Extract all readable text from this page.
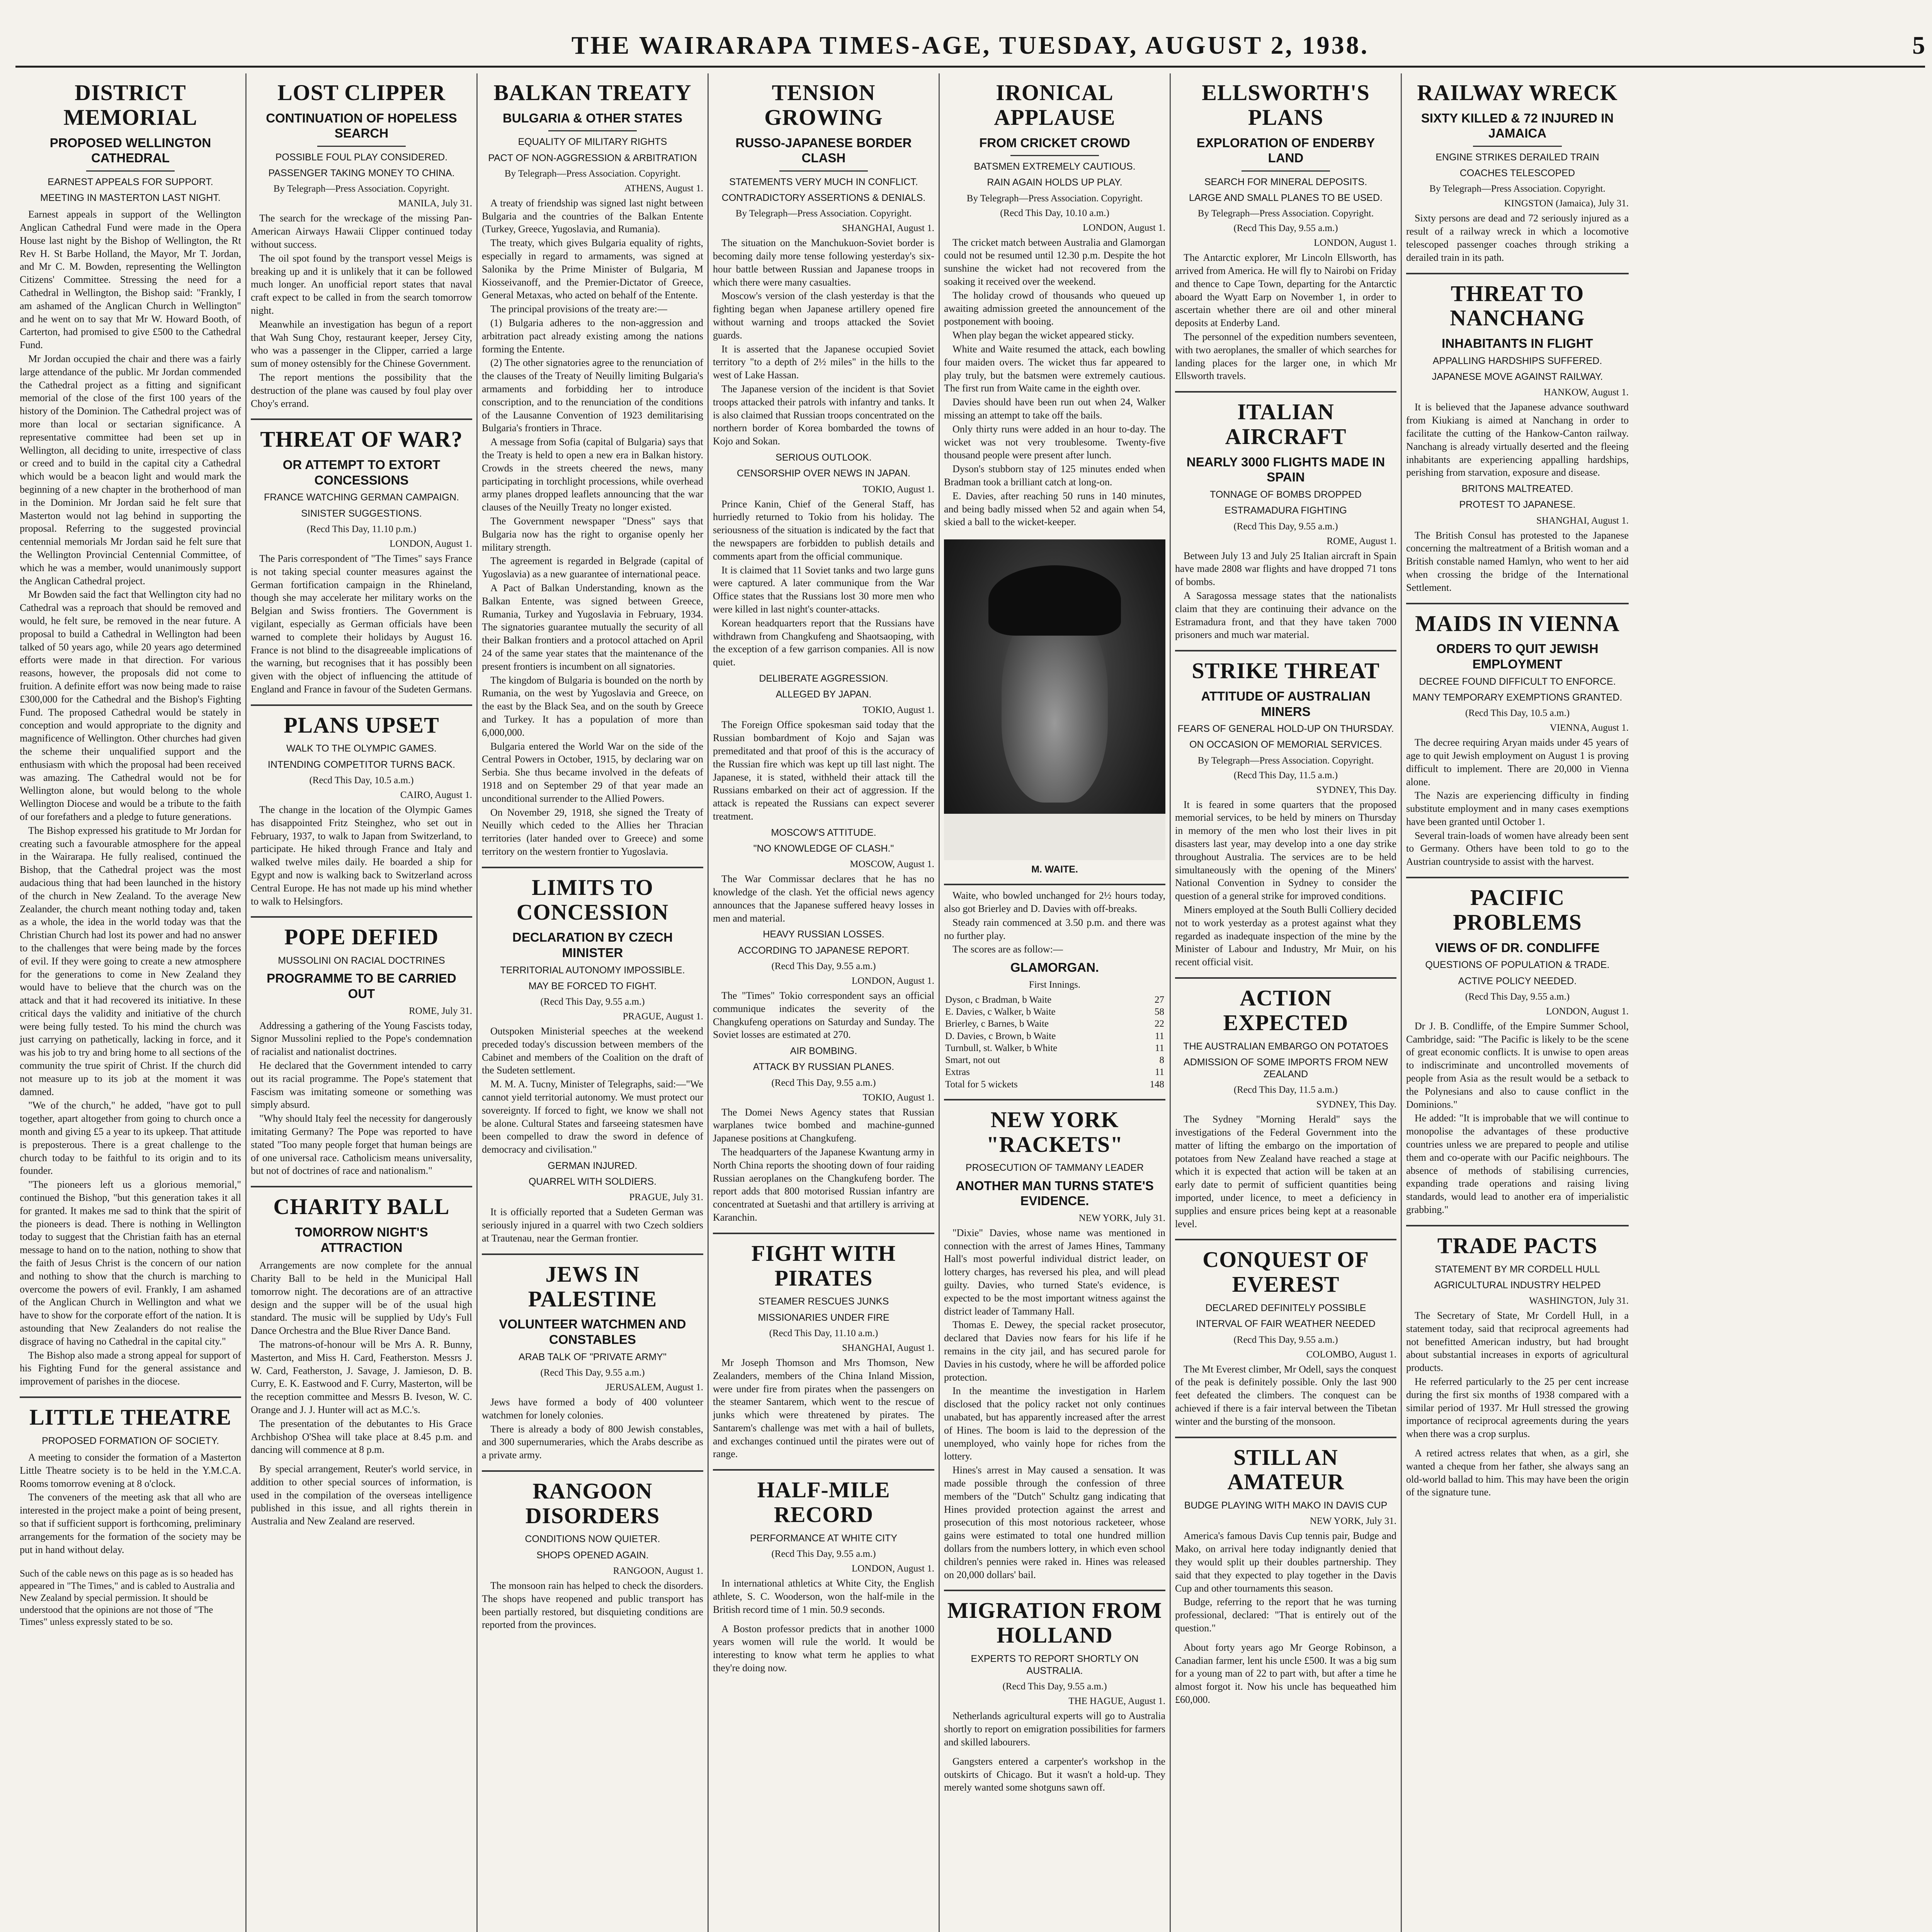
THE WAIRARAPA TIMES-AGE, TUESDAY, AUGUST 2, 1938.	5
DISTRICT MEMORIAL
PROPOSED WELLINGTON CATHEDRAL
EARNEST APPEALS FOR SUPPORT.
MEETING IN MASTERTON LAST NIGHT.

Earnest appeals in support of the Wellington Anglican Cathedral Fund were made in the Opera House last night by the Bishop of Wellington, the Rt Rev H. St Barbe Holland, the Mayor, Mr T. Jordan, and Mr C. M. Bowden, representing the Wellington Citizens' Committee. Stressing the need for a Cathedral in Wellington, the Bishop said: "Frankly, I am ashamed of the Anglican Church in Wellington" and he went on to say that Mr W. Howard Booth, of Carterton, had promised to give £500 to the Cathedral Fund.

Mr Jordan occupied the chair and there was a fairly large attendance of the public. Mr Jordan commended the Cathedral project as a fitting and significant memorial of the close of the first 100 years of the history of the Dominion. The Cathedral project was of more than local or sectarian significance. A representative committee had been set up in Wellington, all deciding to unite, irrespective of class or creed and to build in the capital city a Cathedral which would be a beacon light and would mark the beginning of a new chapter in the brotherhood of man in the Dominion. Mr Jordan said he felt sure that Masterton would not lag behind in supporting the proposal. Referring to the suggested provincial centennial memorials Mr Jordan said he felt sure that the Wellington Provincial Centennial Committee, of which he was a member, would unanimously support the Anglican Cathedral project.

Mr Bowden said the fact that Wellington city had no Cathedral was a reproach that should be removed and would, he felt sure, be removed in the near future. A proposal to build a Cathedral in Wellington had been talked of 50 years ago, while 20 years ago determined efforts were made in that direction. For various reasons, however, the proposals did not come to fruition. A definite effort was now being made to raise £300,000 for the Cathedral and the Bishop's Fighting Fund. The proposed Cathedral would be stately in conception and would appropriate to the dignity and magnificence of Wellington. Other churches had given the scheme their unqualified support and the enthusiasm with which the proposal had been received was amazing. The Cathedral would not be for Wellington alone, but would belong to the whole Wellington Diocese and would be a tribute to the faith of our forefathers and a pledge to future generations.

The Bishop expressed his gratitude to Mr Jordan for creating such a favourable atmosphere for the appeal in the Wairarapa. He fully realised, continued the Bishop, that the Cathedral project was the most audacious thing that had been launched in the history of the church in New Zealand. To the average New Zealander, the church meant nothing today and, taken as a whole, the idea in the world today was that the Christian Church had lost its power and had no answer to the challenges that were being made by the forces of evil. If they were going to create a new atmosphere for the generations to come in New Zealand they would have to believe that the church was on the attack and that it had recovered its initiative. In these critical days the validity and initiative of the church were being fully tested. To his mind the church was just carrying on pathetically, lacking in force, and it was his job to try and bring home to all sections of the community the true spirit of Christ. If the church did not measure up to its job at the moment it was damned.

"We of the church," he added, "have got to pull together, apart altogether from going to church once a month and giving £5 a year to its upkeep. That attitude is preposterous. There is a great challenge to the church today to be faithful to its origin and to its founder.

"The pioneers left us a glorious memorial," continued the Bishop, "but this generation takes it all for granted. It makes me sad to think that the spirit of the pioneers is dead. There is nothing in Wellington today to suggest that the Christian faith has an eternal message to hand on to the nation, nothing to show that the faith of Jesus Christ is the concern of our nation and nothing to show that the church is marching to overcome the powers of evil. Frankly, I am ashamed of the Anglican Church in Wellington and what we have to show for the corporate effort of the nation. It is astounding that New Zealanders do not realise the disgrace of having no Cathedral in the capital city."

The Bishop also made a strong appeal for support of his Fighting Fund for the general assistance and improvement of parishes in the diocese.

LITTLE THEATRE
PROPOSED FORMATION OF SOCIETY.

A meeting to consider the formation of a Masterton Little Theatre society is to be held in the Y.M.C.A. Rooms tomorrow evening at 8 o'clock.

The conveners of the meeting ask that all who are interested in the project make a point of being present, so that if sufficient support is forthcoming, preliminary arrangements for the formation of the society may be put in hand without delay.

Such of the cable news on this page as is so headed has appeared in "The Times," and is cabled to Australia and New Zealand by special permission. It should be understood that the opinions are not those of "The Times" unless expressly stated to be so.
LOST CLIPPER
CONTINUATION OF HOPELESS SEARCH
POSSIBLE FOUL PLAY CONSIDERED.
PASSENGER TAKING MONEY TO CHINA.
By Telegraph—Press Association. Copyright.
MANILA, July 31.

The search for the wreckage of the missing Pan-American Airways Hawaii Clipper continued today without success.

The oil spot found by the transport vessel Meigs is breaking up and it is unlikely that it can be followed much longer. An unofficial report states that naval craft expect to be called in from the search tomorrow night.

Meanwhile an investigation has begun of a report that Wah Sung Choy, restaurant keeper, Jersey City, who was a passenger in the Clipper, carried a large sum of money ostensibly for the Chinese Government.

The report mentions the possibility that the destruction of the plane was caused by foul play over Choy's errand.

THREAT OF WAR?
OR ATTEMPT TO EXTORT CONCESSIONS
FRANCE WATCHING GERMAN CAMPAIGN.
SINISTER SUGGESTIONS.
(Recd This Day, 11.10 p.m.)
LONDON, August 1.

The Paris correspondent of "The Times" says France is not taking special counter measures against the German fortification campaign in the Rhineland, though she may accelerate her military works on the Belgian and Swiss frontiers. The Government is vigilant, especially as German officials have been warned to complete their holidays by August 16. France is not blind to the disagreeable implications of the warning, but recognises that it has possibly been given with the object of influencing the attitude of England and France in favour of the Sudeten Germans.

PLANS UPSET
WALK TO THE OLYMPIC GAMES.
INTENDING COMPETITOR TURNS BACK.
(Recd This Day, 10.5 a.m.)
CAIRO, August 1.

The change in the location of the Olympic Games has disappointed Fritz Steinghez, who set out in February, 1937, to walk to Japan from Switzerland, to participate. He hiked through France and Italy and walked twelve miles daily. He boarded a ship for Egypt and now is walking back to Switzerland across Central Europe. He has not made up his mind whether to walk to Helsingfors.

POPE DEFIED
MUSSOLINI ON RACIAL DOCTRINES
PROGRAMME TO BE CARRIED OUT
ROME, July 31.

Addressing a gathering of the Young Fascists today, Signor Mussolini replied to the Pope's condemnation of racialist and nationalist doctrines.

He declared that the Government intended to carry out its racial programme. The Pope's statement that Fascism was imitating someone or something was simply absurd.

"Why should Italy feel the necessity for dangerously imitating Germany? The Pope was reported to have stated "Too many people forget that human beings are of one universal race. Catholicism means universality, but not of doctrines of race and nationalism."

CHARITY BALL
TOMORROW NIGHT'S ATTRACTION

Arrangements are now complete for the annual Charity Ball to be held in the Municipal Hall tomorrow night. The decorations are of an attractive design and the supper will be of the usual high standard. The music will be supplied by Udy's Full Dance Orchestra and the Blue River Dance Band.

The matrons-of-honour will be Mrs A. R. Bunny, Masterton, and Miss H. Card, Featherston. Messrs J. W. Card, Featherston, J. Savage, J. Jamieson, D. B. Curry, E. K. Eastwood and F. Curry, Masterton, will be the reception committee and Messrs B. Iveson, W. C. Orange and J. J. Hunter will act as M.C.'s.

The presentation of the debutantes to His Grace Archbishop O'Shea will take place at 8.45 p.m. and dancing will commence at 8 p.m.

By special arrangement, Reuter's world service, in addition to other special sources of information, is used in the compilation of the overseas intelligence published in this issue, and all rights therein in Australia and New Zealand are reserved.

BALKAN TREATY
BULGARIA & OTHER STATES
EQUALITY OF MILITARY RIGHTS
PACT OF NON-AGGRESSION & ARBITRATION
By Telegraph—Press Association. Copyright.
ATHENS, August 1.

A treaty of friendship was signed last night between Bulgaria and the countries of the Balkan Entente (Turkey, Greece, Yugoslavia, and Rumania).

The treaty, which gives Bulgaria equality of rights, especially in regard to armaments, was signed at Salonika by the Prime Minister of Bulgaria, M Kiosseivanoff, and the Premier-Dictator of Greece, General Metaxas, who acted on behalf of the Entente.

The principal provisions of the treaty are:—

(1) Bulgaria adheres to the non-aggression and arbitration pact already existing among the nations forming the Entente.

(2) The other signatories agree to the renunciation of the clauses of the Treaty of Neuilly limiting Bulgaria's armaments and forbidding her to introduce conscription, and to the renunciation of the conditions of the Lausanne Convention of 1923 demilitarising Bulgaria's frontiers in Thrace.

A message from Sofia (capital of Bulgaria) says that the Treaty is held to open a new era in Balkan history. Crowds in the streets cheered the news, many participating in torchlight processions, while overhead army planes dropped leaflets announcing that the war clauses of the Neuilly Treaty no longer existed.

The Government newspaper "Dness" says that Bulgaria now has the right to organise openly her military strength.

The agreement is regarded in Belgrade (capital of Yugoslavia) as a new guarantee of international peace.

A Pact of Balkan Understanding, known as the Balkan Entente, was signed between Greece, Rumania, Turkey and Yugoslavia in February, 1934. The signatories guarantee mutually the security of all their Balkan frontiers and a protocol attached on April 24 of the same year states that the maintenance of the present frontiers is incumbent on all signatories.

The kingdom of Bulgaria is bounded on the north by Rumania, on the west by Yugoslavia and Greece, on the east by the Black Sea, and on the south by Greece and Turkey. It has a population of more than 6,000,000.

Bulgaria entered the World War on the side of the Central Powers in October, 1915, by declaring war on Serbia. She thus became involved in the defeats of 1918 and on September 29 of that year made an unconditional surrender to the Allied Powers.

On November 29, 1918, she signed the Treaty of Neuilly which ceded to the Allies her Thracian territories (later handed over to Greece) and some territory on the western frontier to Yugoslavia.

LIMITS TO CONCESSION
DECLARATION BY CZECH MINISTER
TERRITORIAL AUTONOMY IMPOSSIBLE.
MAY BE FORCED TO FIGHT.
(Recd This Day, 9.55 a.m.)
PRAGUE, August 1.

Outspoken Ministerial speeches at the weekend preceded today's discussion between members of the Cabinet and members of the Coalition on the draft of the Sudeten settlement.

M. M. A. Tucny, Minister of Telegraphs, said:—"We cannot yield territorial autonomy. We must protect our sovereignty. If forced to fight, we know we shall not be alone. Cultural States and farseeing statesmen have been compelled to draw the sword in defence of democracy and civilisation."

GERMAN INJURED.
QUARREL WITH SOLDIERS.
PRAGUE, July 31.

It is officially reported that a Sudeten German was seriously injured in a quarrel with two Czech soldiers at Trautenau, near the German frontier.

JEWS IN PALESTINE
VOLUNTEER WATCHMEN AND CONSTABLES
ARAB TALK OF "PRIVATE ARMY"
(Recd This Day, 9.55 a.m.)
JERUSALEM, August 1.

Jews have formed a body of 400 volunteer watchmen for lonely colonies.

There is already a body of 800 Jewish constables, and 300 supernumeraries, which the Arabs describe as a private army.

RANGOON DISORDERS
CONDITIONS NOW QUIETER.
SHOPS OPENED AGAIN.
RANGOON, August 1.

The monsoon rain has helped to check the disorders. The shops have reopened and public transport has been partially restored, but disquieting conditions are reported from the provinces.

TENSION GROWING
RUSSO-JAPANESE BORDER CLASH
STATEMENTS VERY MUCH IN CONFLICT.
CONTRADICTORY ASSERTIONS & DENIALS.
By Telegraph—Press Association. Copyright.
SHANGHAI, August 1.

The situation on the Manchukuon-Soviet border is becoming daily more tense following yesterday's six-hour battle between Russian and Japanese troops in which there were many casualties.

Moscow's version of the clash yesterday is that the fighting began when Japanese artillery opened fire without warning and troops attacked the Soviet guards.

It is asserted that the Japanese occupied Soviet territory "to a depth of 2½ miles" in the hills to the west of Lake Hassan.

The Japanese version of the incident is that Soviet troops attacked their patrols with infantry and tanks. It is also claimed that Russian troops concentrated on the northern border of Korea bombarded the towns of Kojo and Sokan.

SERIOUS OUTLOOK.
CENSORSHIP OVER NEWS IN JAPAN.
TOKIO, August 1.

Prince Kanin, Chief of the General Staff, has hurriedly returned to Tokio from his holiday. The seriousness of the situation is indicated by the fact that the newspapers are forbidden to publish details and comments apart from the official communique.

It is claimed that 11 Soviet tanks and two large guns were captured. A later communique from the War Office states that the Russians lost 30 more men who were killed in last night's counter-attacks.

Korean headquarters report that the Russians have withdrawn from Changkufeng and Shaotsaoping, with the exception of a few garrison companies. All is now quiet.

DELIBERATE AGGRESSION.
ALLEGED BY JAPAN.
TOKIO, August 1.

The Foreign Office spokesman said today that the Russian bombardment of Kojo and Sajan was premeditated and that proof of this is the accuracy of the Russian fire which was kept up till last night. The Japanese, it is stated, withheld their attack till the Russians embarked on their act of aggression. If the attack is repeated the Russians can expect severer treatment.

MOSCOW'S ATTITUDE.
"NO KNOWLEDGE OF CLASH."
MOSCOW, August 1.

The War Commissar declares that he has no knowledge of the clash. Yet the official news agency announces that the Japanese suffered heavy losses in men and material.

HEAVY RUSSIAN LOSSES.
ACCORDING TO JAPANESE REPORT.
(Recd This Day, 9.55 a.m.)
LONDON, August 1.

The "Times" Tokio correspondent says an official communique indicates the severity of the Changkufeng operations on Saturday and Sunday. The Soviet losses are estimated at 270.

AIR BOMBING.
ATTACK BY RUSSIAN PLANES.
(Recd This Day, 9.55 a.m.)
TOKIO, August 1.

The Domei News Agency states that Russian warplanes twice bombed and machine-gunned Japanese positions at Changkufeng.

The headquarters of the Japanese Kwantung army in North China reports the shooting down of four raiding Russian aeroplanes on the Changkufeng border. The report adds that 800 motorised Russian infantry are concentrated at Suetashi and that artillery is arriving at Karanchin.

FIGHT WITH PIRATES
STEAMER RESCUES JUNKS
MISSIONARIES UNDER FIRE
(Recd This Day, 11.10 a.m.)
SHANGHAI, August 1.

Mr Joseph Thomson and Mrs Thomson, New Zealanders, members of the China Inland Mission, were under fire from pirates when the passengers on the steamer Santarem, which went to the rescue of junks which were threatened by pirates. The Santarem's challenge was met with a hail of bullets, and exchanges continued until the pirates were out of range.

HALF-MILE RECORD
PERFORMANCE AT WHITE CITY
(Recd This Day, 9.55 a.m.)
LONDON, August 1.

In international athletics at White City, the English athlete, S. C. Wooderson, won the half-mile in the British record time of 1 min. 50.9 seconds.

A Boston professor predicts that in another 1000 years women will rule the world. It would be interesting to know what term he applies to what they're doing now.

IRONICAL APPLAUSE
FROM CRICKET CROWD
BATSMEN EXTREMELY CAUTIOUS.
RAIN AGAIN HOLDS UP PLAY.
By Telegraph—Press Association. Copyright.
(Recd This Day, 10.10 a.m.)
LONDON, August 1.

The cricket match between Australia and Glamorgan could not be resumed until 12.30 p.m. Despite the hot sunshine the wicket had not recovered from the soaking it received over the weekend.

The holiday crowd of thousands who queued up awaiting admission greeted the announcement of the postponement with booing.

When play began the wicket appeared sticky.

White and Waite resumed the attack, each bowling four maiden overs. The wicket thus far appeared to play truly, but the batsmen were extremely cautious. The first run from Waite came in the eighth over.

Davies should have been run out when 24, Walker missing an attempt to take off the bails.

Only thirty runs were added in an hour to-day. The wicket was not very troublesome. Twenty-five thousand people were present after lunch.

Dyson's stubborn stay of 125 minutes ended when Bradman took a brilliant catch at long-on.

E. Davies, after reaching 50 runs in 140 minutes, and being badly missed when 52 and again when 54, skied a ball to the wicket-keeper.

M. WAITE.

Waite, who bowled unchanged for 2½ hours today, also got Brierley and D. Davies with off-breaks.

Steady rain commenced at 3.50 p.m. and there was no further play.

The scores are as follow:—

GLAMORGAN.
First Innings.
Dyson, c Bradman, b Waite	27
E. Davies, c Walker, b Waite	58
Brierley, c Barnes, b Waite	22
D. Davies, c Brown, b Waite	11
Turnbull, st. Walker, b White	11
Smart, not out	8
Extras	11
Total for 5 wickets	148
NEW YORK "RACKETS"
PROSECUTION OF TAMMANY LEADER
ANOTHER MAN TURNS STATE'S EVIDENCE.
NEW YORK, July 31.

"Dixie" Davies, whose name was mentioned in connection with the arrest of James Hines, Tammany Hall's most powerful individual district leader, on lottery charges, has reversed his plea, and will plead guilty. Davies, who turned State's evidence, is expected to be the most important witness against the district leader of Tammany Hall.

Thomas E. Dewey, the special racket prosecutor, declared that Davies now fears for his life if he remains in the city jail, and has secured parole for Davies in his custody, where he will be afforded police protection.

In the meantime the investigation in Harlem disclosed that the policy racket not only continues unabated, but has apparently increased after the arrest of Hines. The boom is laid to the depression of the unemployed, who vainly hope for riches from the lottery.

Hines's arrest in May caused a sensation. It was made possible through the confession of three members of the "Dutch" Schultz gang indicating that Hines provided protection against the arrest and prosecution of this most notorious racketeer, whose gains were estimated to total one hundred million dollars from the numbers lottery, in which even school children's pennies were raked in. Hines was released on 20,000 dollars' bail.

MIGRATION FROM HOLLAND
EXPERTS TO REPORT SHORTLY ON AUSTRALIA.
(Recd This Day, 9.55 a.m.)
THE HAGUE, August 1.

Netherlands agricultural experts will go to Australia shortly to report on emigration possibilities for farmers and skilled labourers.

Gangsters entered a carpenter's workshop in the outskirts of Chicago. But it wasn't a hold-up. They merely wanted some shotguns sawn off.

ELLSWORTH'S PLANS
EXPLORATION OF ENDERBY LAND
SEARCH FOR MINERAL DEPOSITS.
LARGE AND SMALL PLANES TO BE USED.
By Telegraph—Press Association. Copyright.
(Recd This Day, 9.55 a.m.)
LONDON, August 1.

The Antarctic explorer, Mr Lincoln Ellsworth, has arrived from America. He will fly to Nairobi on Friday and thence to Cape Town, departing for the Antarctic aboard the Wyatt Earp on November 1, in order to ascertain whether there are oil and other mineral deposits at Enderby Land.

The personnel of the expedition numbers seventeen, with two aeroplanes, the smaller of which searches for landing places for the larger one, in which Mr Ellsworth travels.

ITALIAN AIRCRAFT
NEARLY 3000 FLIGHTS MADE IN SPAIN
TONNAGE OF BOMBS DROPPED
ESTRAMADURA FIGHTING
(Recd This Day, 9.55 a.m.)
ROME, August 1.

Between July 13 and July 25 Italian aircraft in Spain have made 2808 war flights and have dropped 71 tons of bombs.

A Saragossa message states that the nationalists claim that they are continuing their advance on the Estramadura front, and that they have taken 7000 prisoners and much war material.

STRIKE THREAT
ATTITUDE OF AUSTRALIAN MINERS
FEARS OF GENERAL HOLD-UP ON THURSDAY.
ON OCCASION OF MEMORIAL SERVICES.
By Telegraph—Press Association. Copyright.
(Recd This Day, 11.5 a.m.)
SYDNEY, This Day.

It is feared in some quarters that the proposed memorial services, to be held by miners on Thursday in memory of the men who lost their lives in pit disasters last year, may develop into a one day strike throughout Australia. The services are to be held simultaneously with the opening of the Miners' National Convention in Sydney to consider the question of a general strike for improved conditions.

Miners employed at the South Bulli Colliery decided not to work yesterday as a protest against what they regarded as inadequate inspection of the mine by the Minister of Labour and Industry, Mr Muir, on his recent official visit.

ACTION EXPECTED
THE AUSTRALIAN EMBARGO ON POTATOES
ADMISSION OF SOME IMPORTS FROM NEW ZEALAND
(Recd This Day, 11.5 a.m.)
SYDNEY, This Day.

The Sydney "Morning Herald" says the investigations of the Federal Government into the matter of lifting the embargo on the importation of potatoes from New Zealand have reached a stage at which it is expected that action will be taken at an early date to permit of sufficient quantities being imported, under licence, to meet a deficiency in supplies and ensure prices being kept at a reasonable level.

CONQUEST OF EVEREST
DECLARED DEFINITELY POSSIBLE
INTERVAL OF FAIR WEATHER NEEDED
(Recd This Day, 9.55 a.m.)
COLOMBO, August 1.

The Mt Everest climber, Mr Odell, says the conquest of the peak is definitely possible. Only the last 900 feet defeated the climbers. The conquest can be achieved if there is a fair interval between the Tibetan winter and the bursting of the monsoon.

STILL AN AMATEUR
BUDGE PLAYING WITH MAKO IN DAVIS CUP
NEW YORK, July 31.

America's famous Davis Cup tennis pair, Budge and Mako, on arrival here today indignantly denied that they would split up their doubles partnership. They said that they expected to play together in the Davis Cup and other tournaments this season.

Budge, referring to the report that he was turning professional, declared: "That is entirely out of the question."

About forty years ago Mr George Robinson, a Canadian farmer, lent his uncle £500. It was a big sum for a young man of 22 to part with, but after a time he almost forgot it. Now his uncle has bequeathed him £60,000.

RAILWAY WRECK
SIXTY KILLED & 72 INJURED IN JAMAICA
ENGINE STRIKES DERAILED TRAIN
COACHES TELESCOPED
By Telegraph—Press Association. Copyright.
KINGSTON (Jamaica), July 31.

Sixty persons are dead and 72 seriously injured as a result of a railway wreck in which a locomotive telescoped passenger coaches through striking a derailed train in its path.

THREAT TO NANCHANG
INHABITANTS IN FLIGHT
APPALLING HARDSHIPS SUFFERED.
JAPANESE MOVE AGAINST RAILWAY.
HANKOW, August 1.

It is believed that the Japanese advance southward from Kiukiang is aimed at Nanchang in order to facilitate the cutting of the Hankow-Canton railway. Nanchang is already virtually deserted and the fleeing inhabitants are experiencing appalling hardships, perishing from starvation, exposure and disease.

BRITONS MALTREATED.
PROTEST TO JAPANESE.
SHANGHAI, August 1.

The British Consul has protested to the Japanese concerning the maltreatment of a British woman and a British constable named Hamlyn, who went to her aid when crossing the bridge of the International Settlement.

MAIDS IN VIENNA
ORDERS TO QUIT JEWISH EMPLOYMENT
DECREE FOUND DIFFICULT TO ENFORCE.
MANY TEMPORARY EXEMPTIONS GRANTED.
(Recd This Day, 10.5 a.m.)
VIENNA, August 1.

The decree requiring Aryan maids under 45 years of age to quit Jewish employment on August 1 is proving difficult to implement. There are 20,000 in Vienna alone.

The Nazis are experiencing difficulty in finding substitute employment and in many cases exemptions have been granted until October 1.

Several train-loads of women have already been sent to Germany. Others have been told to go to the Austrian countryside to assist with the harvest.

PACIFIC PROBLEMS
VIEWS OF DR. CONDLIFFE
QUESTIONS OF POPULATION & TRADE.
ACTIVE POLICY NEEDED.
(Recd This Day, 9.55 a.m.)
LONDON, August 1.

Dr J. B. Condliffe, of the Empire Summer School, Cambridge, said: "The Pacific is likely to be the scene of great economic conflicts. It is unwise to open areas to indiscriminate and uncontrolled movements of people from Asia as the result would be a setback to the Polynesians and also to cause conflict in the Dominions."

He added: "It is improbable that we will continue to monopolise the advantages of these productive countries unless we are prepared to people and utilise them and co-operate with our Pacific neighbours. The absence of methods of stabilising currencies, expanding trade operations and raising living standards, would lead to another era of imperialistic grabbing."

TRADE PACTS
STATEMENT BY MR CORDELL HULL
AGRICULTURAL INDUSTRY HELPED
WASHINGTON, July 31.

The Secretary of State, Mr Cordell Hull, in a statement today, said that reciprocal agreements had not benefitted American industry, but had brought about substantial increases in exports of agricultural products.

He referred particularly to the 25 per cent increase during the first six months of 1938 compared with a similar period of 1937. Mr Hull stressed the growing importance of reciprocal agreements during the years when there was a crop surplus.

A retired actress relates that when, as a girl, she wanted a cheque from her father, she always sang an old-world ballad to him. This may have been the origin of the signature tune.
